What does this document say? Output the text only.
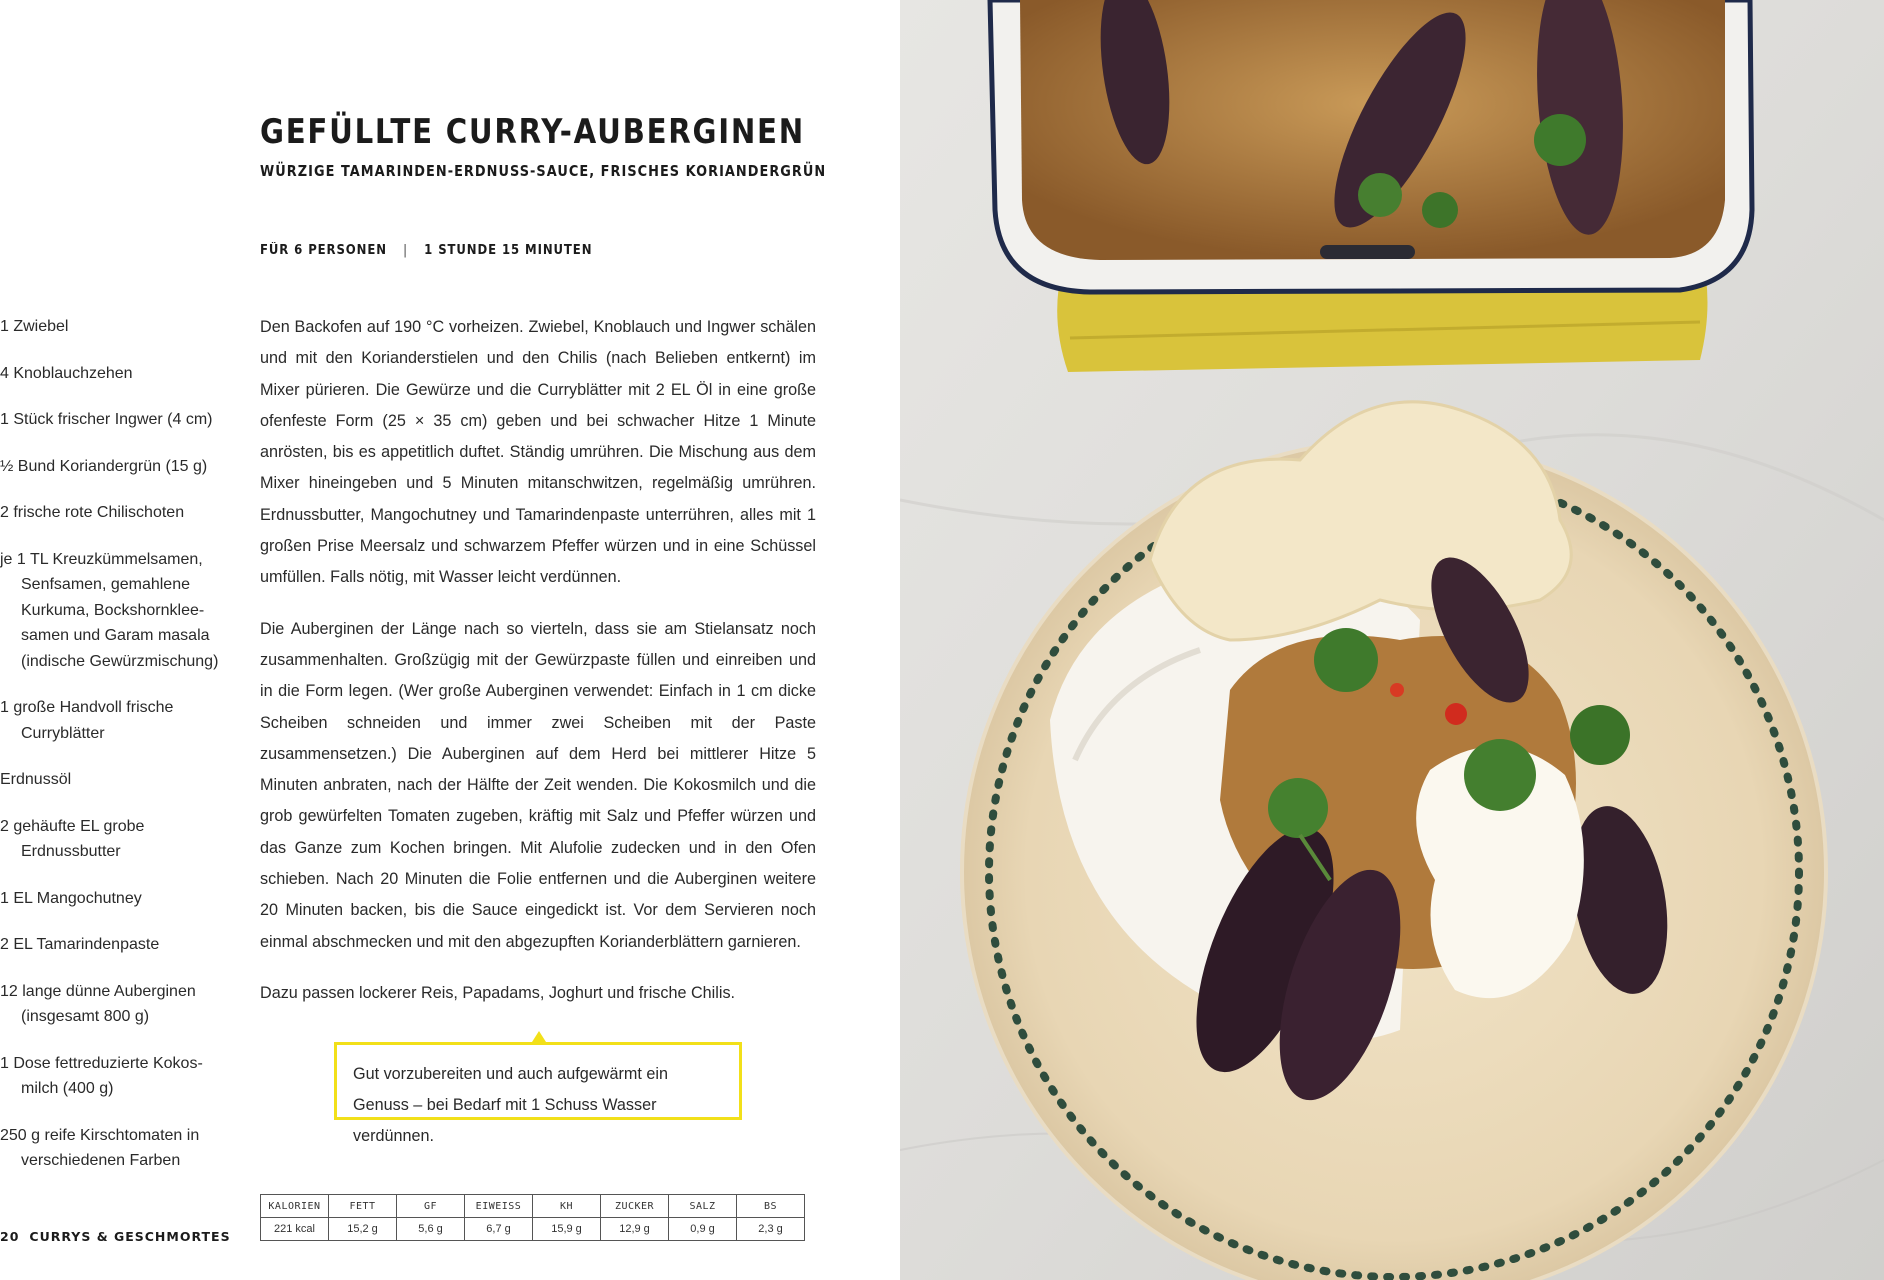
GEFÜLLTE CURRY-AUBERGINEN
WÜRZIGE TAMARINDEN-ERDNUSS-SAUCE, FRISCHES KORIANDERGRÜN
FÜR 6 PERSONEN | 1 STUNDE 15 MINUTEN
1 Zwiebel
4 Knoblauchzehen
1 Stück frischer Ingwer (4 cm)
½ Bund Koriandergrün (15 g)
2 frische rote Chilischoten
je 1 TL Kreuzkümmelsamen, Senfsamen, gemahlene Kurkuma, Bockshornklee-samen und Garam masala (indische Gewürzmischung)
1 große Handvoll frische Curryblätter
Erdnussöl
2 gehäufte EL grobe Erdnussbutter
1 EL Mangochutney
2 EL Tamarindenpaste
12 lange dünne Auberginen (insgesamt 800 g)
1 Dose fettreduzierte Kokos-milch (400 g)
250 g reife Kirschtomaten in verschiedenen Farben

Den Backofen auf 190 °C vorheizen. Zwiebel, Knoblauch und Ingwer schälen und mit den Korianderstielen und den Chilis (nach Belieben entkernt) im Mixer pürieren. Die Gewürze und die Curryblätter mit 2 EL Öl in eine große ofenfeste Form (25 × 35 cm) geben und bei schwacher Hitze 1 Minute anrösten, bis es appetitlich duftet. Ständig umrühren. Die Mischung aus dem Mixer hineingeben und 5 Minuten mitanschwitzen, regelmäßig umrühren. Erdnussbutter, Mangochutney und Tamarindenpaste unterrühren, alles mit 1 großen Prise Meersalz und schwarzem Pfeffer würzen und in eine Schüssel umfüllen. Falls nötig, mit Wasser leicht verdünnen.

Die Auberginen der Länge nach so vierteln, dass sie am Stielansatz noch zusammenhalten. Großzügig mit der Gewürzpaste füllen und einreiben und in die Form legen. (Wer große Auberginen verwendet: Einfach in 1 cm dicke Scheiben schneiden und immer zwei Scheiben mit der Paste zusammensetzen.) Die Auberginen auf dem Herd bei mittlerer Hitze 5 Minuten anbraten, nach der Hälfte der Zeit wenden. Die Kokosmilch und die grob gewürfelten Tomaten zugeben, kräftig mit Salz und Pfeffer würzen und das Ganze zum Kochen bringen. Mit Alufolie zudecken und in den Ofen schieben. Nach 20 Minuten die Folie entfernen und die Auberginen weitere 20 Minuten backen, bis die Sauce eingedickt ist. Vor dem Servieren noch einmal abschmecken und mit den abgezupften Korianderblättern garnieren.

Dazu passen lockerer Reis, Papadams, Joghurt und frische Chilis.

Gut vorzubereiten und auch aufgewärmt ein Genuss – bei Bedarf mit 1 Schuss Wasser verdünnen.
KALORIEN	FETT	GF	EIWEISS	KH	ZUCKER	SALZ	BS
221 kcal	15,2 g	5,6 g	6,7 g	15,9 g	12,9 g	0,9 g	2,3 g
20 CURRYS & GESCHMORTES
